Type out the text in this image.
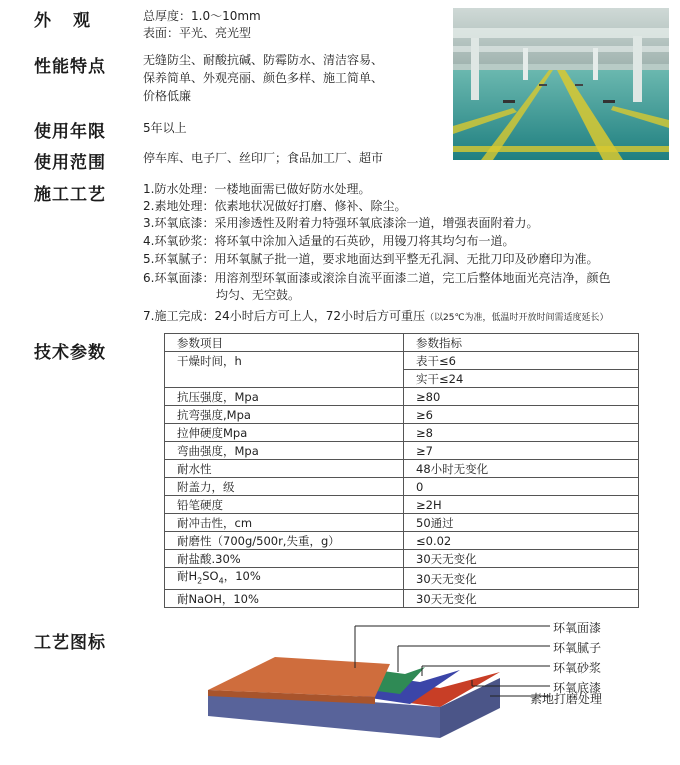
外观	总厚度：1.0～10mm
表面：平光、亮光型
性能特点	无缝防尘、耐酸抗碱、防霉防水、清洁容易、
保养简单、外观亮丽、颜色多样、施工简单、
价格低廉
使用年限	5年以上
使用范围	停车库、电子厂、丝印厂；食品加工厂、超市
施工工艺	1.防水处理：一楼地面需已做好防水处理。
2.素地处理：依素地状况做好打磨、修补、除尘。
3.环氧底漆：采用渗透性及附着力特强环氧底漆涂一道，增强表面附着力。
4.环氧砂浆：将环氧中涂加入适量的石英砂，用镘刀将其均匀布一道。
5.环氧腻子：用环氧腻子批一道，要求地面达到平整无孔洞、无批刀印及砂磨印为准。
6.环氧面漆：用溶剂型环氧面漆或滚涂自流平面漆二道，完工后整体地面光亮洁净，颜色
均匀、无空鼓。
7.施工完成：24小时后方可上人，72小时后方可重压（以25℃为准，低温时开放时间需适度延长）
技术参数
参数项目	参数指标
干燥时间，h	表干≤6
	实干≤24
抗压强度，Mpa	≥80
抗弯强度,Mpa	≥6
拉伸硬度Mpa	≥8
弯曲强度，Mpa	≥7
耐水性	48小时无变化
附盖力，级	0
铅笔硬度	≥2H
耐冲击性，cm	50通过
耐磨性（700g/500r,失重，g）	≤0.02
耐盐酸.30%	30天无变化
耐$H_2SO_4$，10%	30天无变化
耐NaOH，10%	30天无变化
工艺图标
环氧面漆
环氧腻子
环氧砂浆
环氧底漆
素地打磨处理
